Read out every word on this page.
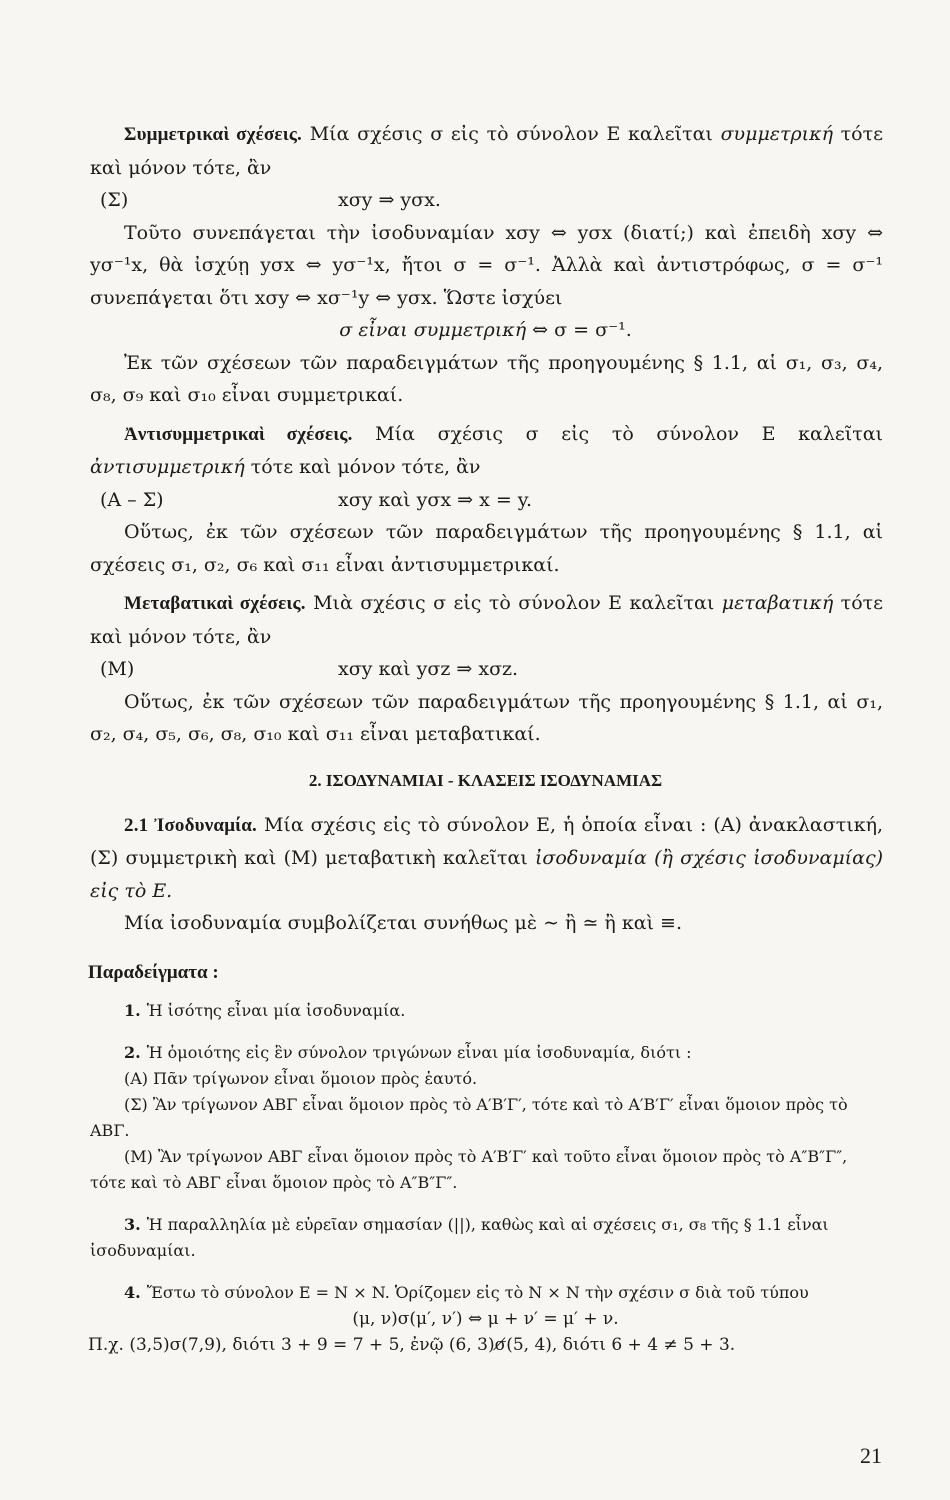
Συμμετρικαὶ σχέσεις. Μία σχέσις σ εἰς τὸ σύνολον Ε καλεῖται συμμετρική τότε καὶ μόνον τότε, ἂν

(Σ)	xσy ⇒ yσx.

Τοῦτο συνεπάγεται τὴν ἰσοδυναμίαν xσy ⇔ yσx (διατί;) καὶ ἐπειδὴ xσy ⇔ yσ⁻¹x, θὰ ἰσχύῃ yσx ⇔ yσ⁻¹x, ἤτοι σ = σ⁻¹. Ἀλλὰ καὶ ἀντιστρόφως, σ = σ⁻¹ συνεπάγεται ὅτι xσy ⇔ xσ⁻¹y ⇔ yσx. Ὥστε ἰσχύει

σ εἶναι συμμετρική ⇔ σ = σ⁻¹.

Ἐκ τῶν σχέσεων τῶν παραδειγμάτων τῆς προηγουμένης § 1.1, αἱ σ₁, σ₃, σ₄, σ₈, σ₉ καὶ σ₁₀ εἶναι συμμετρικαί.

Ἀντισυμμετρικαὶ σχέσεις. Μία σχέσις σ εἰς τὸ σύνολον Ε καλεῖται ἀντισυμμετρική τότε καὶ μόνον τότε, ἂν

(Α – Σ)	xσy καὶ yσx ⇒ x = y.

Οὕτως, ἐκ τῶν σχέσεων τῶν παραδειγμάτων τῆς προηγουμένης § 1.1, αἱ σχέσεις σ₁, σ₂, σ₆ καὶ σ₁₁ εἶναι ἀντισυμμετρικαί.

Μεταβατικαὶ σχέσεις. Μιὰ σχέσις σ εἰς τὸ σύνολον Ε καλεῖται μεταβατική τότε καὶ μόνον τότε, ἂν

(Μ)	xσy καὶ yσz ⇒ xσz.

Οὕτως, ἐκ τῶν σχέσεων τῶν παραδειγμάτων τῆς προηγουμένης § 1.1, αἱ σ₁, σ₂, σ₄, σ₅, σ₆, σ₈, σ₁₀ καὶ σ₁₁ εἶναι μεταβατικαί.

2. ΙΣΟΔΥΝΑΜΙΑΙ - ΚΛΑΣΕΙΣ ΙΣΟΔΥΝΑΜΙΑΣ

2.1 Ἰσοδυναμία. Μία σχέσις εἰς τὸ σύνολον Ε, ἡ ὁποία εἶναι : (Α) ἀνακλαστική, (Σ) συμμετρικὴ καὶ (Μ) μεταβατικὴ καλεῖται ἰσοδυναμία (ἢ σχέσις ἰσοδυναμίας) εἰς τὸ Ε.

Μία ἰσοδυναμία συμβολίζεται συνήθως μὲ ∼ ἢ ≃ ἢ καὶ ≡.

Παραδείγματα :

1. Ἡ ἰσότης εἶναι μία ἰσοδυναμία.

2. Ἡ ὁμοιότης εἰς ἓν σύνολον τριγώνων εἶναι μία ἰσοδυναμία, διότι :

(Α) Πᾶν τρίγωνον εἶναι ὅμοιον πρὸς ἑαυτό.

(Σ) Ἂν τρίγωνον ΑΒΓ εἶναι ὅμοιον πρὸς τὸ Α′Β′Γ′, τότε καὶ τὸ Α′Β′Γ′ εἶναι ὅμοιον πρὸς τὸ ΑΒΓ.

(Μ) Ἂν τρίγωνον ΑΒΓ εἶναι ὅμοιον πρὸς τὸ Α′Β′Γ′ καὶ τοῦτο εἶναι ὅμοιον πρὸς τὸ Α″Β″Γ″, τότε καὶ τὸ ΑΒΓ εἶναι ὅμοιον πρὸς τὸ Α″Β″Γ″.

3. Ἡ παραλληλία μὲ εὐρεῖαν σημασίαν (||), καθὼς καὶ αἱ σχέσεις σ₁, σ₈ τῆς § 1.1 εἶναι ἰσοδυναμίαι.

4. Ἔστω τὸ σύνολον Ε = N × N. Ὁρίζομεν εἰς τὸ N × N τὴν σχέσιν σ διὰ τοῦ τύπου

(μ, ν)σ(μ′, ν′) ⇔ μ + ν′ = μ′ + ν.

Π.χ. (3,5)σ(7,9), διότι 3 + 9 = 7 + 5, ἐνῷ (6, 3)σ̸(5, 4), διότι 6 + 4 ≠ 5 + 3.

21
